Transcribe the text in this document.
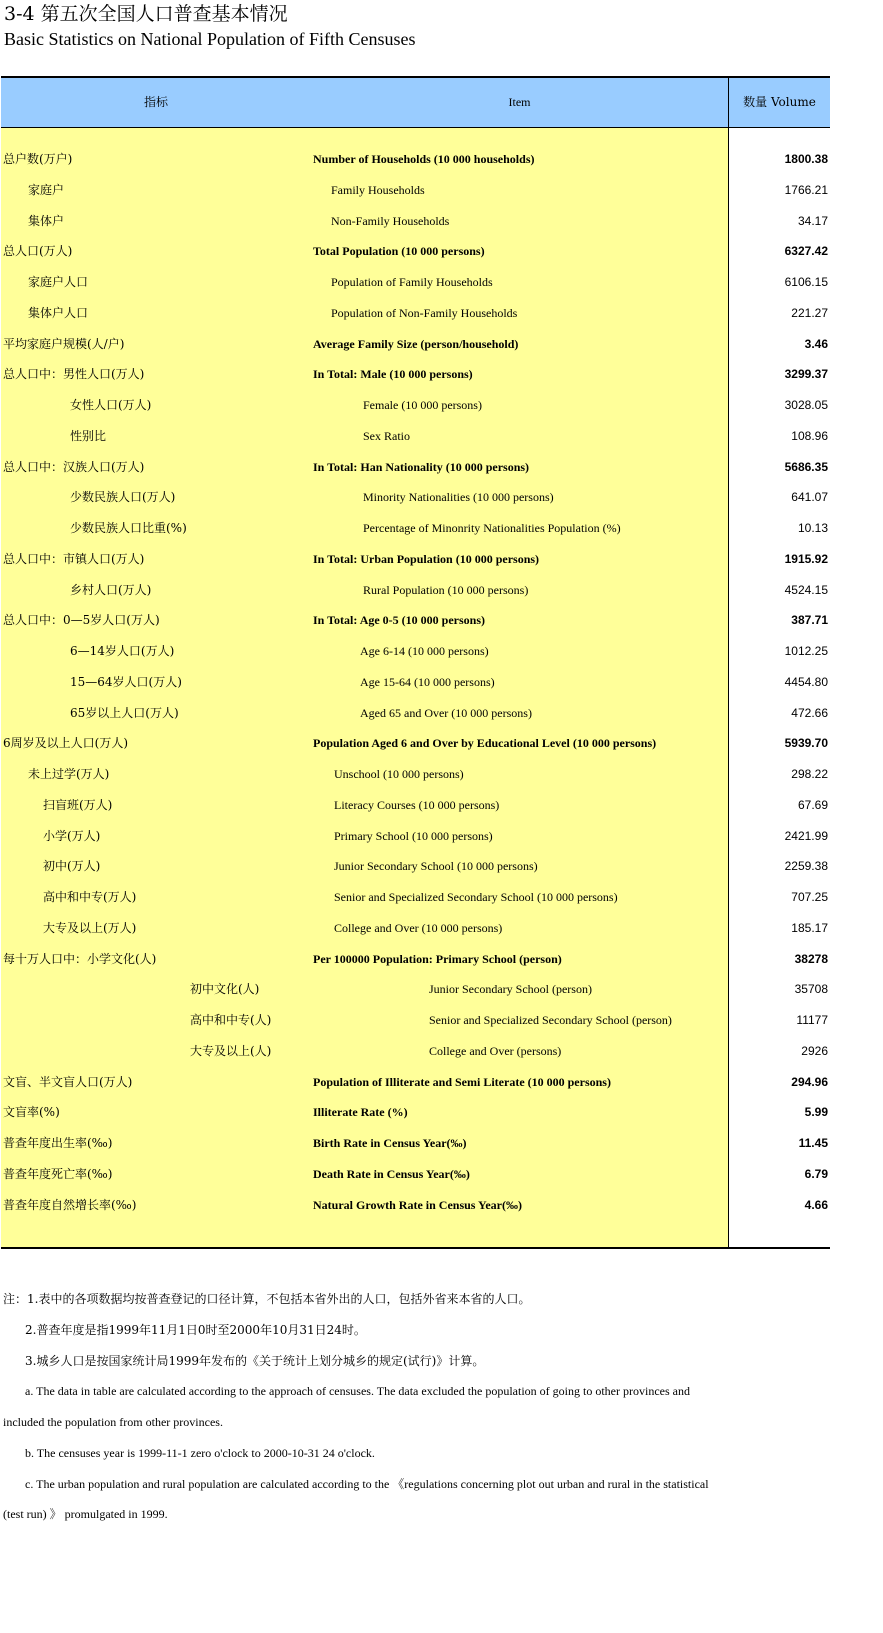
3-4 第五次全国人口普查基本情况
Basic Statistics on National Population of Fifth Censuses
指标	Item	数量 Volume
总户数(万户)	Number of Households (10 000 households)	1800.38
家庭户	Family Households	1766.21
集体户	Non-Family Households	34.17
总人口(万人)	Total Population (10 000 persons)	6327.42
家庭户人口	Population of Family Households	6106.15
集体户人口	Population of Non-Family Households	221.27
平均家庭户规模(人/户)	Average Family Size (person/household)	3.46
总人口中：男性人口(万人)	In Total: Male (10 000 persons)	3299.37
女性人口(万人)	Female (10 000 persons)	3028.05
性别比	Sex Ratio	108.96
总人口中：汉族人口(万人)	In Total: Han Nationality (10 000 persons)	5686.35
少数民族人口(万人)	Minority Nationalities (10 000 persons)	641.07
少数民族人口比重(%)	Percentage of Minonrity Nationalities Population (%)	10.13
总人口中：市镇人口(万人)	In Total: Urban Population (10 000 persons)	1915.92
乡村人口(万人)	Rural Population (10 000 persons)	4524.15
总人口中：0—5岁人口(万人)	In Total: Age 0-5 (10 000 persons)	387.71
6—14岁人口(万人)	Age 6-14 (10 000 persons)	1012.25
15—64岁人口(万人)	Age 15-64 (10 000 persons)	4454.80
65岁以上人口(万人)	Aged 65 and Over (10 000 persons)	472.66
6周岁及以上人口(万人)	Population Aged 6 and Over by Educational Level (10 000 persons)	5939.70
未上过学(万人)	Unschool (10 000 persons)	298.22
扫盲班(万人)	Literacy Courses (10 000 persons)	67.69
小学(万人)	Primary School (10 000 persons)	2421.99
初中(万人)	Junior Secondary School (10 000 persons)	2259.38
高中和中专(万人)	Senior and Specialized Secondary School (10 000 persons)	707.25
大专及以上(万人)	College and Over (10 000 persons)	185.17
每十万人口中：小学文化(人)	Per 100000 Population: Primary School (person)	38278
初中文化(人)	Junior Secondary School (person)	35708
高中和中专(人)	Senior and Specialized Secondary School (person)	11177
大专及以上(人)	College and Over (persons)	2926
文盲、半文盲人口(万人)	Population of Illiterate and Semi Literate (10 000 persons)	294.96
文盲率(%)	Illiterate Rate (%)	5.99
普查年度出生率(‰)	Birth Rate in Census Year(‰)	11.45
普查年度死亡率(‰)	Death Rate in Census Year(‰)	6.79
普查年度自然增长率(‰)	Natural Growth Rate in Census Year(‰)	4.66
注：1.表中的各项数据均按普查登记的口径计算，不包括本省外出的人口，包括外省来本省的人口。
2.普查年度是指1999年11月1日0时至2000年10月31日24时。
3.城乡人口是按国家统计局1999年发布的《关于统计上划分城乡的规定(试行)》计算。
a. The data in table are calculated according to the approach of censuses. The data excluded the population of going to other provinces and
included the population from other provinces.
b. The censuses year is 1999-11-1 zero o'clock to 2000-10-31 24 o'clock.
c. The urban population and rural population are calculated according to the 《regulations concerning plot out urban and rural in the statistical
(test run) 》 promulgated in 1999.
